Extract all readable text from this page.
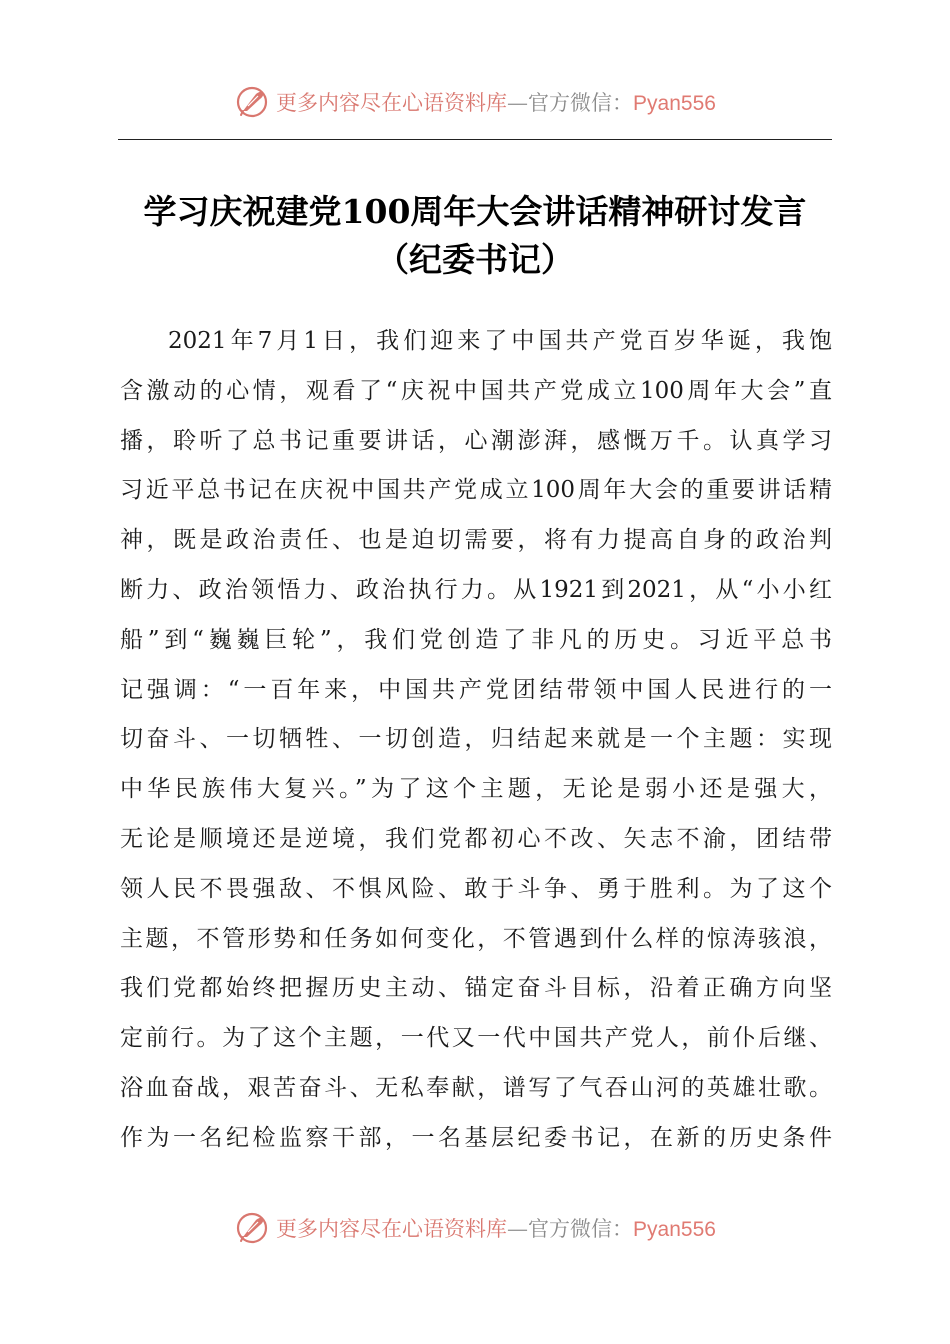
更多内容尽在心语资料库—官方微信：Pyan556
学习庆祝建党100周年大会讲话精神研讨发言
（纪委书记）
2021年7月1日，我们迎来了中国共产党百岁华诞，我饱
含激动的心情，观看了“庆祝中国共产党成立100周年大会”直
播，聆听了总书记重要讲话，心潮澎湃，感慨万千。认真学习
习近平总书记在庆祝中国共产党成立100周年大会的重要讲话精
神，既是政治责任、也是迫切需要，将有力提高自身的政治判
断力、政治领悟力、政治执行力。从1921到2021，从“小小红
船”到“巍巍巨轮”，我们党创造了非凡的历史。习近平总书
记强调：“一百年来，中国共产党团结带领中国人民进行的一
切奋斗、一切牺牲、一切创造，归结起来就是一个主题：实现
中华民族伟大复兴。”为了这个主题，无论是弱小还是强大，
无论是顺境还是逆境，我们党都初心不改、矢志不渝，团结带
领人民不畏强敌、不惧风险、敢于斗争、勇于胜利。为了这个
主题，不管形势和任务如何变化，不管遇到什么样的惊涛骇浪，
我们党都始终把握历史主动、锚定奋斗目标，沿着正确方向坚
定前行。为了这个主题，一代又一代中国共产党人，前仆后继、
浴血奋战，艰苦奋斗、无私奉献，谱写了气吞山河的英雄壮歌。
作为一名纪检监察干部，一名基层纪委书记，在新的历史条件
更多内容尽在心语资料库—官方微信：Pyan556
